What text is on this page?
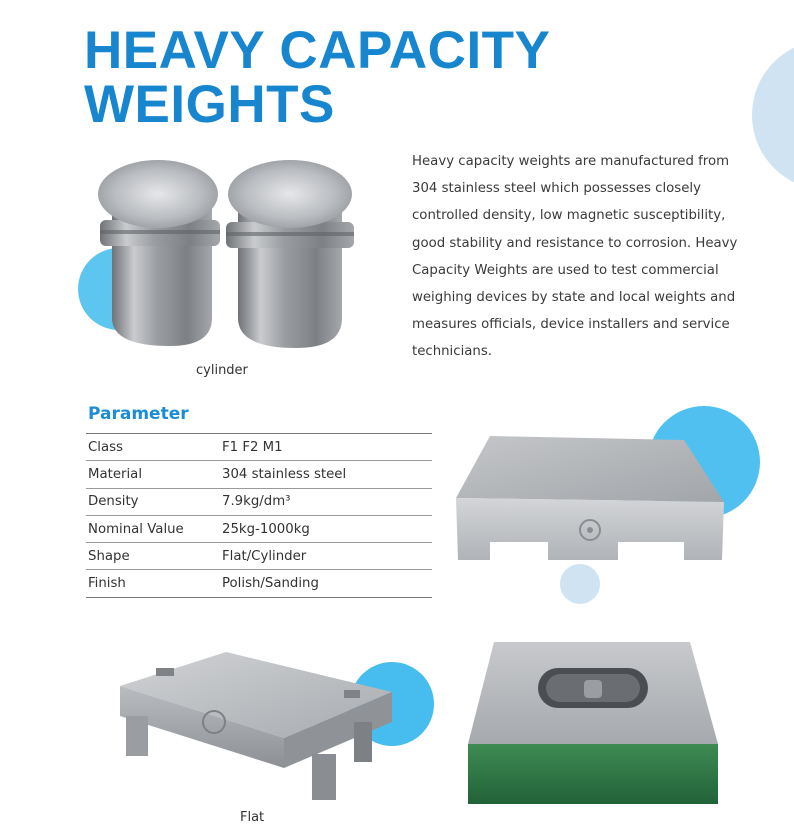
HEAVY CAPACITY
WEIGHTS

Heavy capacity weights are manufactured from 304 stainless steel which possesses closely controlled density, low magnetic susceptibility, good stability and resistance to corrosion. Heavy Capacity Weights are used to test commercial weighing devices by state and local weights and measures officials, device installers and service technicians.

cylinder
Parameter
Class	F1 F2 M1
Material	304 stainless steel
Density	7.9kg/dm³
Nominal Value	25kg-1000kg
Shape	Flat/Cylinder
Finish	Polish/Sanding
Flat
